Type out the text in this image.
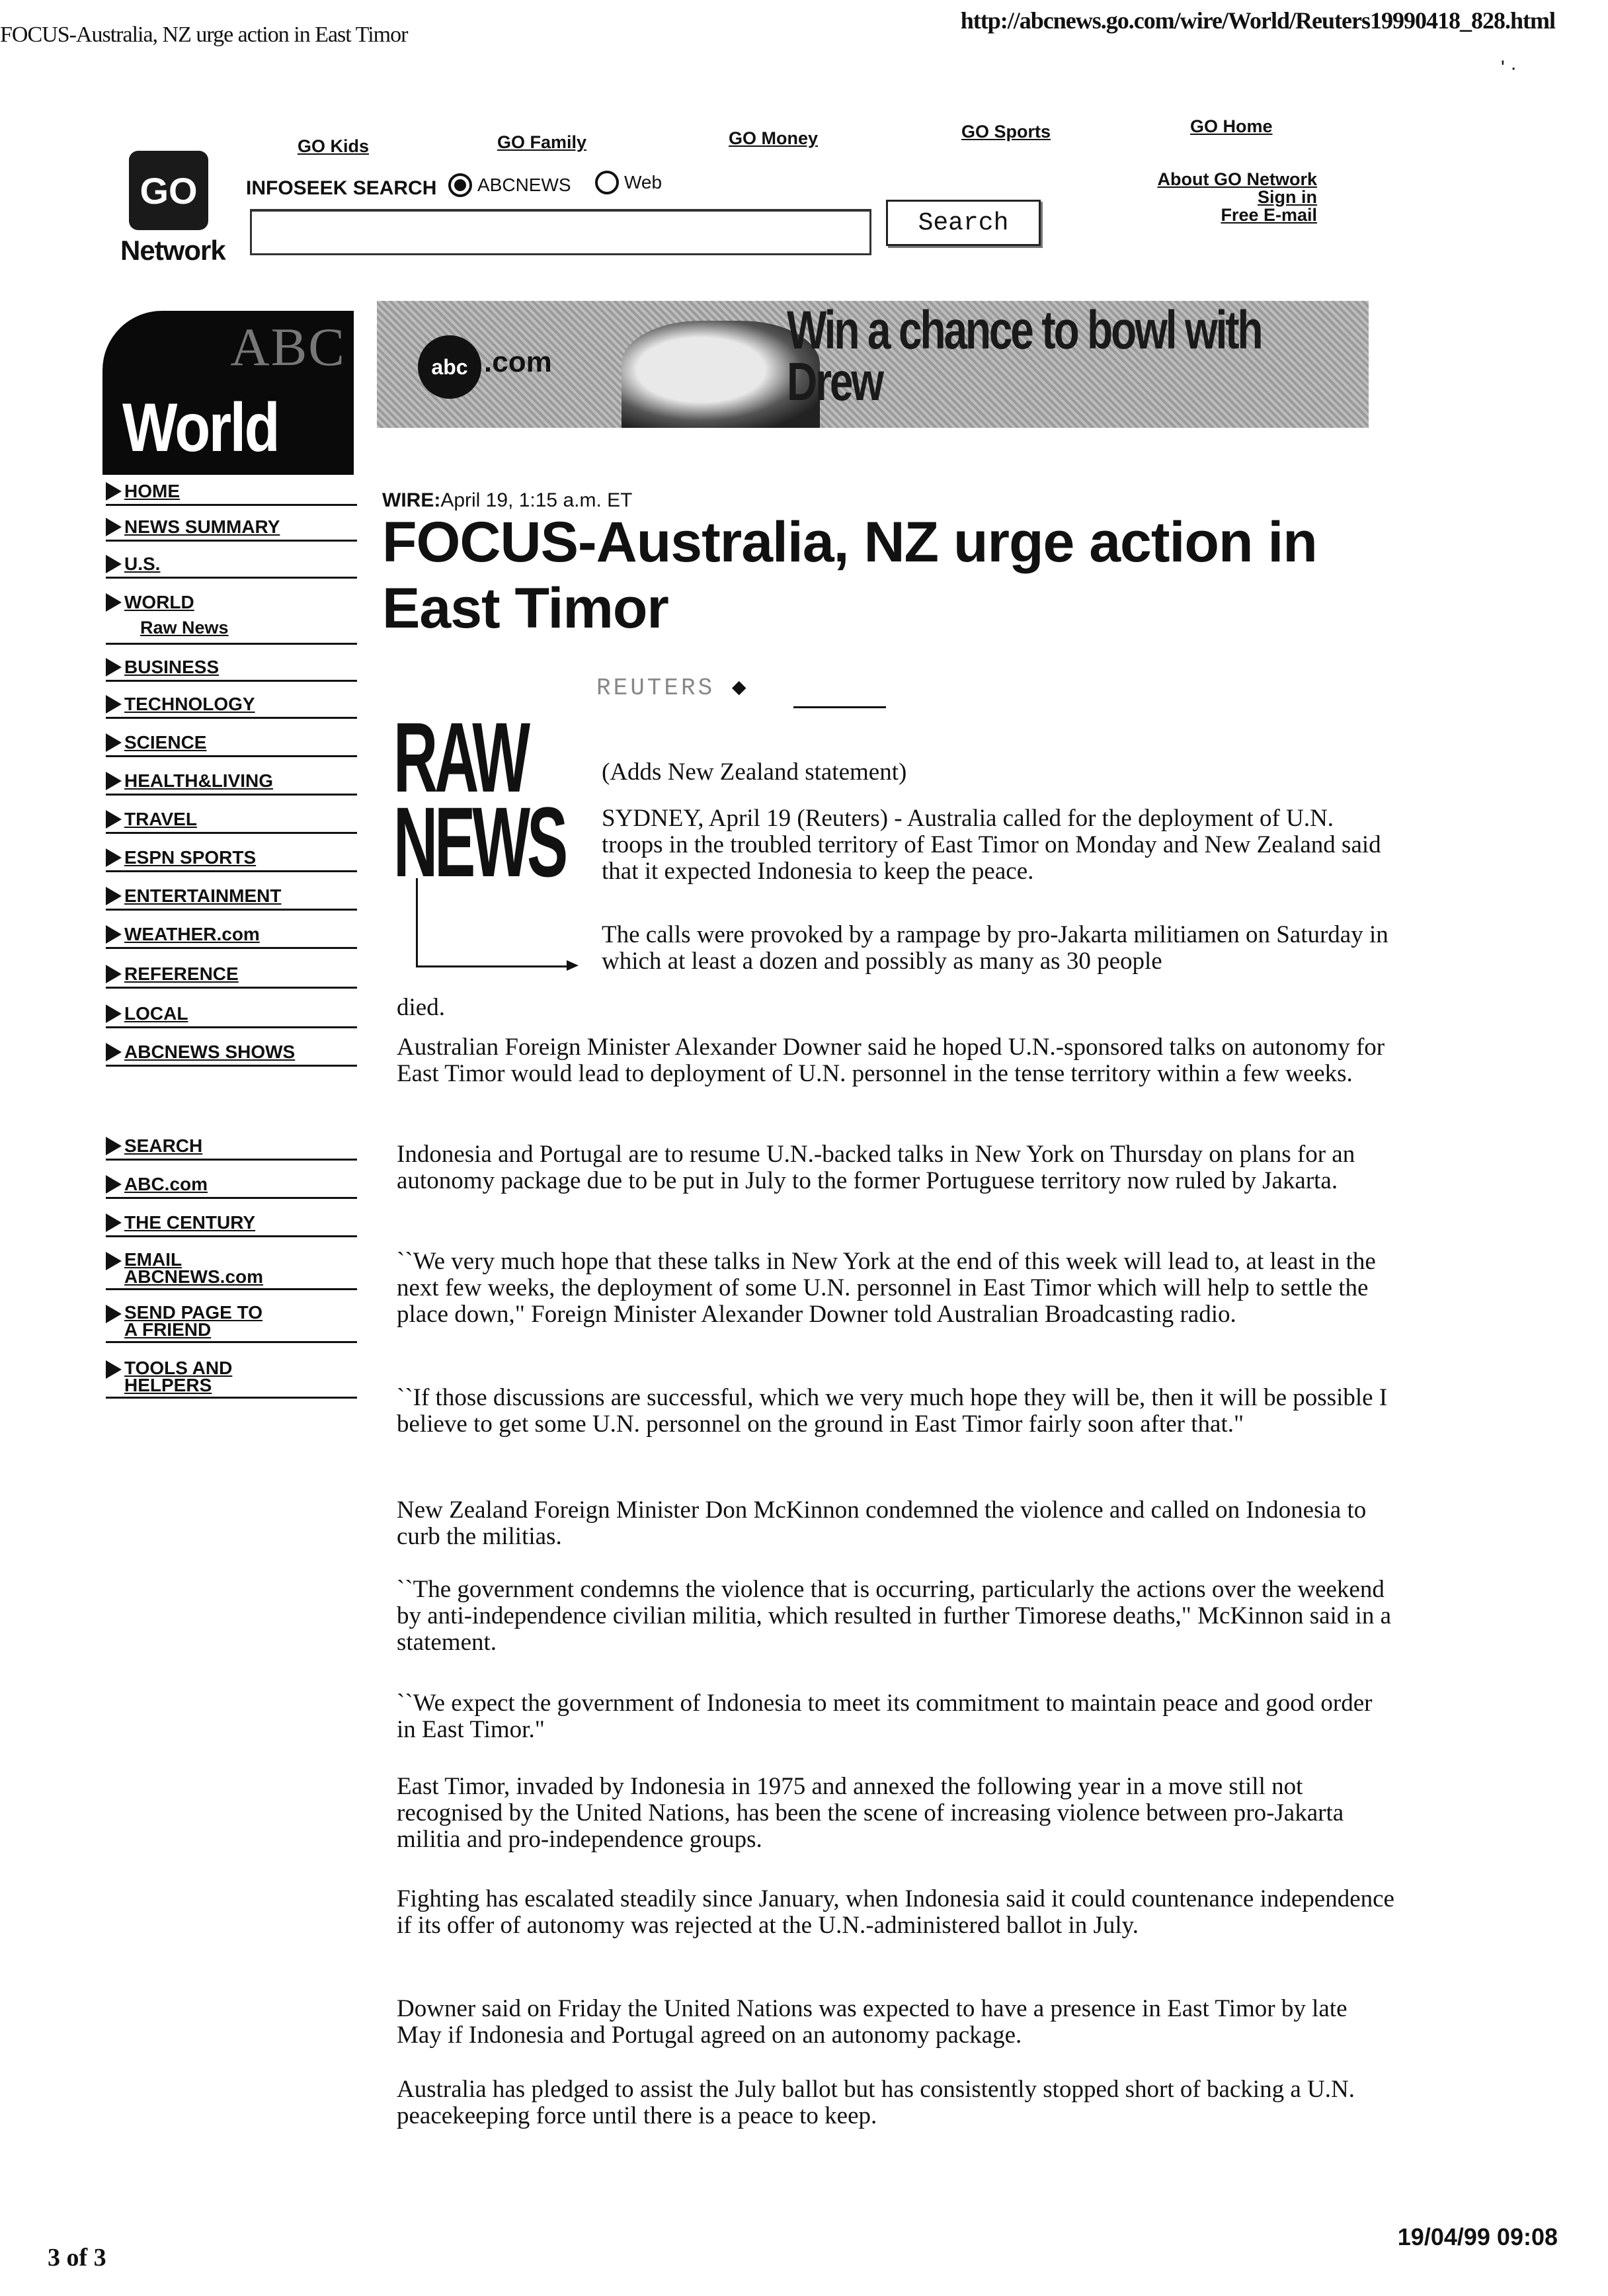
FOCUS-Australia, NZ urge action in East Timor
http://abcnews.go.com/wire/World/Reuters19990418_828.html
' ·
GO
Network
GO Kids	GO Family	GO Money	GO Sports	GO Home
INFOSEEK SEARCH ABCNEWS	Web
Search
About GO Network
Sign in
Free E-mail
ABC
World
abc .com
Win a chance to bowl with
Drew
HOME
NEWS SUMMARY
U.S.
WORLD
Raw News
BUSINESS
TECHNOLOGY
SCIENCE
HEALTH&LIVING
TRAVEL
ESPN SPORTS
ENTERTAINMENT
WEATHER.com
REFERENCE
LOCAL
ABCNEWS SHOWS
SEARCH
ABC.com
THE CENTURY
EMAIL
ABCNEWS.com
SEND PAGE TO
A FRIEND
TOOLS AND
HELPERS
WIRE:April 19, 1:15 a.m. ET
FOCUS-Australia, NZ urge action in East Timor
REUTERS ◆
RAW
NEWS
(Adds New Zealand statement)
SYDNEY, April 19 (Reuters) - Australia called for the deployment of U.N. troops in the troubled territory of East Timor on Monday and New Zealand said that it expected Indonesia to keep the peace.
The calls were provoked by a rampage by pro-Jakarta militiamen on Saturday in which at least a dozen and possibly as many as 30 people
died.
Australian Foreign Minister Alexander Downer said he hoped U.N.-sponsored talks on autonomy for East Timor would lead to deployment of U.N. personnel in the tense territory within a few weeks.
Indonesia and Portugal are to resume U.N.-backed talks in New York on Thursday on plans for an autonomy package due to be put in July to the former Portuguese territory now ruled by Jakarta.
``We very much hope that these talks in New York at the end of this week will lead to, at least in the next few weeks, the deployment of some U.N. personnel in East Timor which will help to settle the place down," Foreign Minister Alexander Downer told Australian Broadcasting radio.
``If those discussions are successful, which we very much hope they will be, then it will be possible I believe to get some U.N. personnel on the ground in East Timor fairly soon after that."
New Zealand Foreign Minister Don McKinnon condemned the violence and called on Indonesia to curb the militias.
``The government condemns the violence that is occurring, particularly the actions over the weekend by anti-independence civilian militia, which resulted in further Timorese deaths," McKinnon said in a statement.
``We expect the government of Indonesia to meet its commitment to maintain peace and good order in East Timor."
East Timor, invaded by Indonesia in 1975 and annexed the following year in a move still not recognised by the United Nations, has been the scene of increasing violence between pro-Jakarta militia and pro-independence groups.
Fighting has escalated steadily since January, when Indonesia said it could countenance independence if its offer of autonomy was rejected at the U.N.-administered ballot in July.
Downer said on Friday the United Nations was expected to have a presence in East Timor by late May if Indonesia and Portugal agreed on an autonomy package.
Australia has pledged to assist the July ballot but has consistently stopped short of backing a U.N. peacekeeping force until there is a peace to keep.
3 of 3
19/04/99 09:08
